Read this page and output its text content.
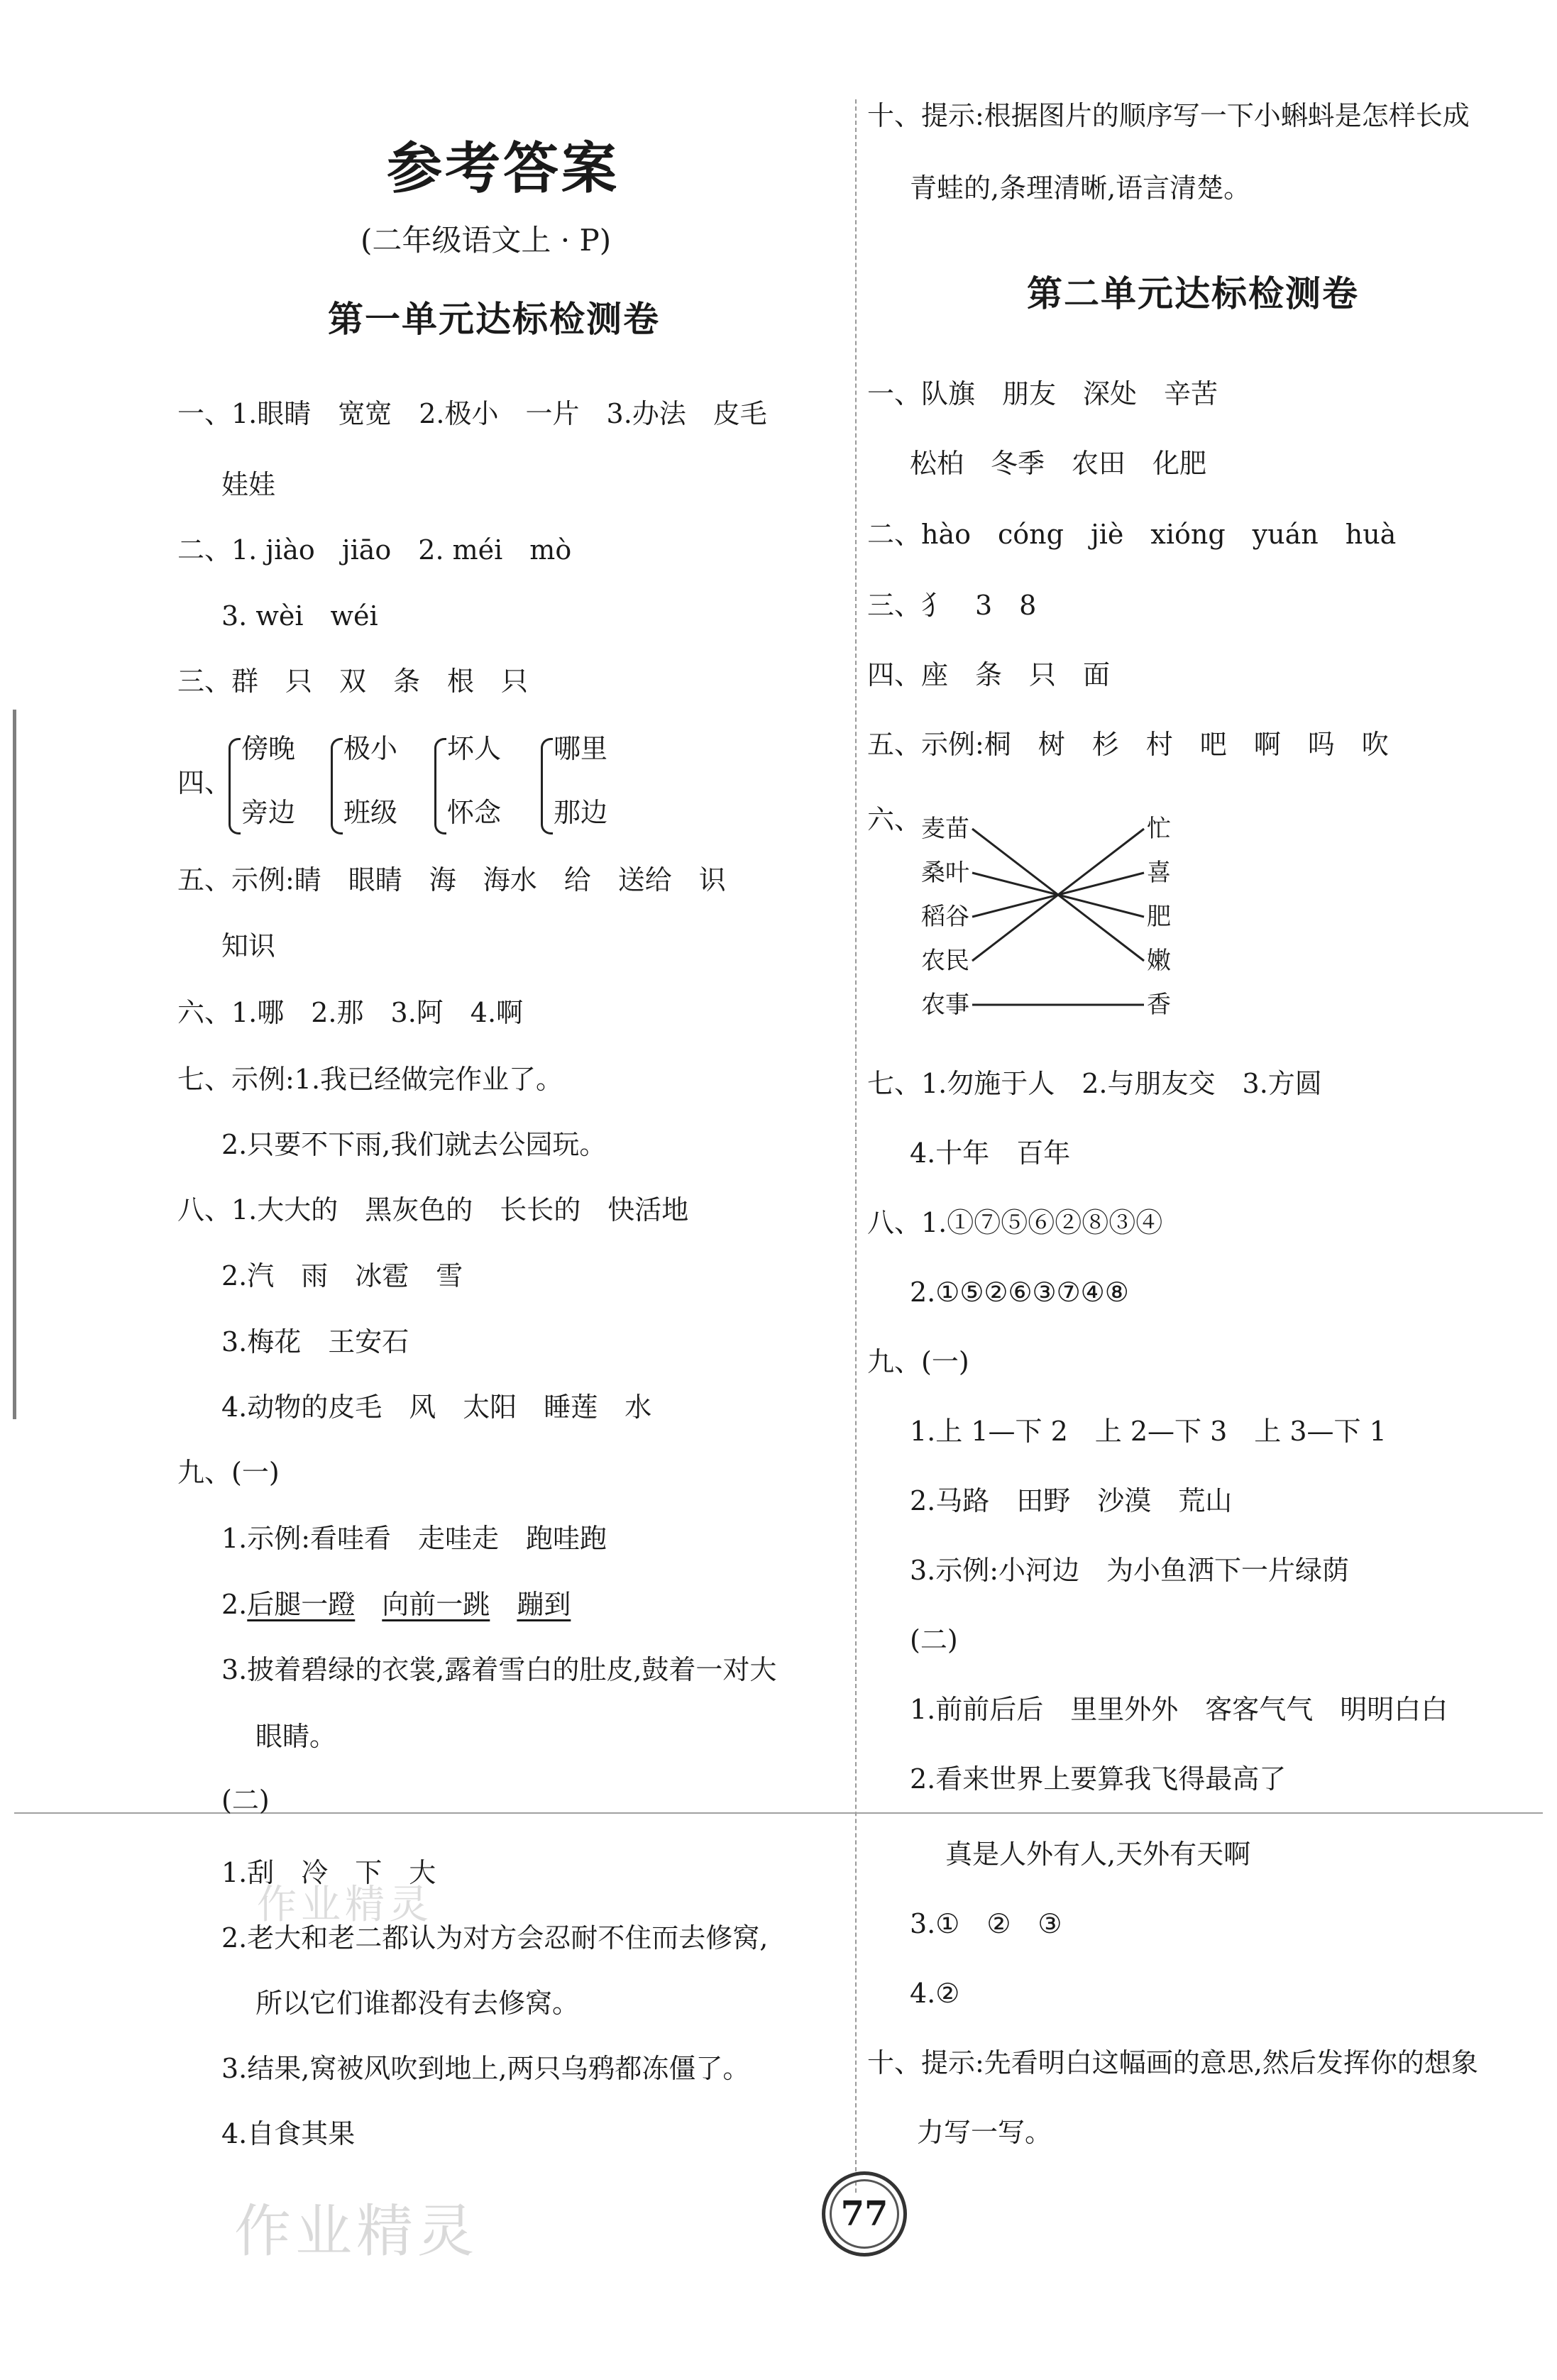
参考答案
(二年级语文上 · P)
第一单元达标检测卷
一、1.眼睛　宽宽　2.极小　一片　3.办法　皮毛
娃娃
二、1. jiào　jiāo　2. méi　mò
3. wèi　wéi
三、群　只　双　条　根　只
四、
傍晚
旁边
极小
班级
坏人
怀念
哪里
那边
五、示例:睛　眼睛　海　海水　给　送给　识
知识
六、1.哪　2.那　3.阿　4.啊
七、示例:1.我已经做完作业了。
2.只要不下雨,我们就去公园玩。
八、1.大大的　黑灰色的　长长的　快活地
2.汽　雨　冰雹　雪
3.梅花　王安石
4.动物的皮毛　风　太阳　睡莲　水
九、(一)
1.示例:看哇看　走哇走　跑哇跑
2.后腿一蹬　 向前一跳　 蹦到
3.披着碧绿的衣裳,露着雪白的肚皮,鼓着一对大
眼睛。
(二)
1.刮　冷　下　大
2.老大和老二都认为对方会忍耐不住而去修窝,
所以它们谁都没有去修窝。
3.结果,窝被风吹到地上,两只乌鸦都冻僵了。
4.自食其果
作业精灵
作业精灵
十、提示:根据图片的顺序写一下小蝌蚪是怎样长成
青蛙的,条理清晰,语言清楚。
第二单元达标检测卷
一、队旗　朋友　深处　辛苦
松柏　冬季　农田　化肥
二、hào　cóng　jiè　xióng　yuán　huà
三、犭　3　8
四、座　条　只　面
五、示例:桐　树　杉　村　吧　啊　吗　吹
六、 麦苗
桑叶
稻谷
农民
农事
忙
喜
肥
嫩
香
七、1.勿施于人　2.与朋友交　3.方圆
4.十年　百年
八、1.①⑦⑤⑥②⑧③④
2.①⑤②⑥③⑦④⑧
九、(一)
1.上 1—下 2　上 2—下 3　上 3—下 1
2.马路　田野　沙漠　荒山
3.示例:小河边　为小鱼洒下一片绿荫
(二)
1.前前后后　里里外外　客客气气　明明白白
2.看来世界上要算我飞得最高了
真是人外有人,天外有天啊
3.①　②　③
4.②
十、提示:先看明白这幅画的意思,然后发挥你的想象
力写一写。
77
